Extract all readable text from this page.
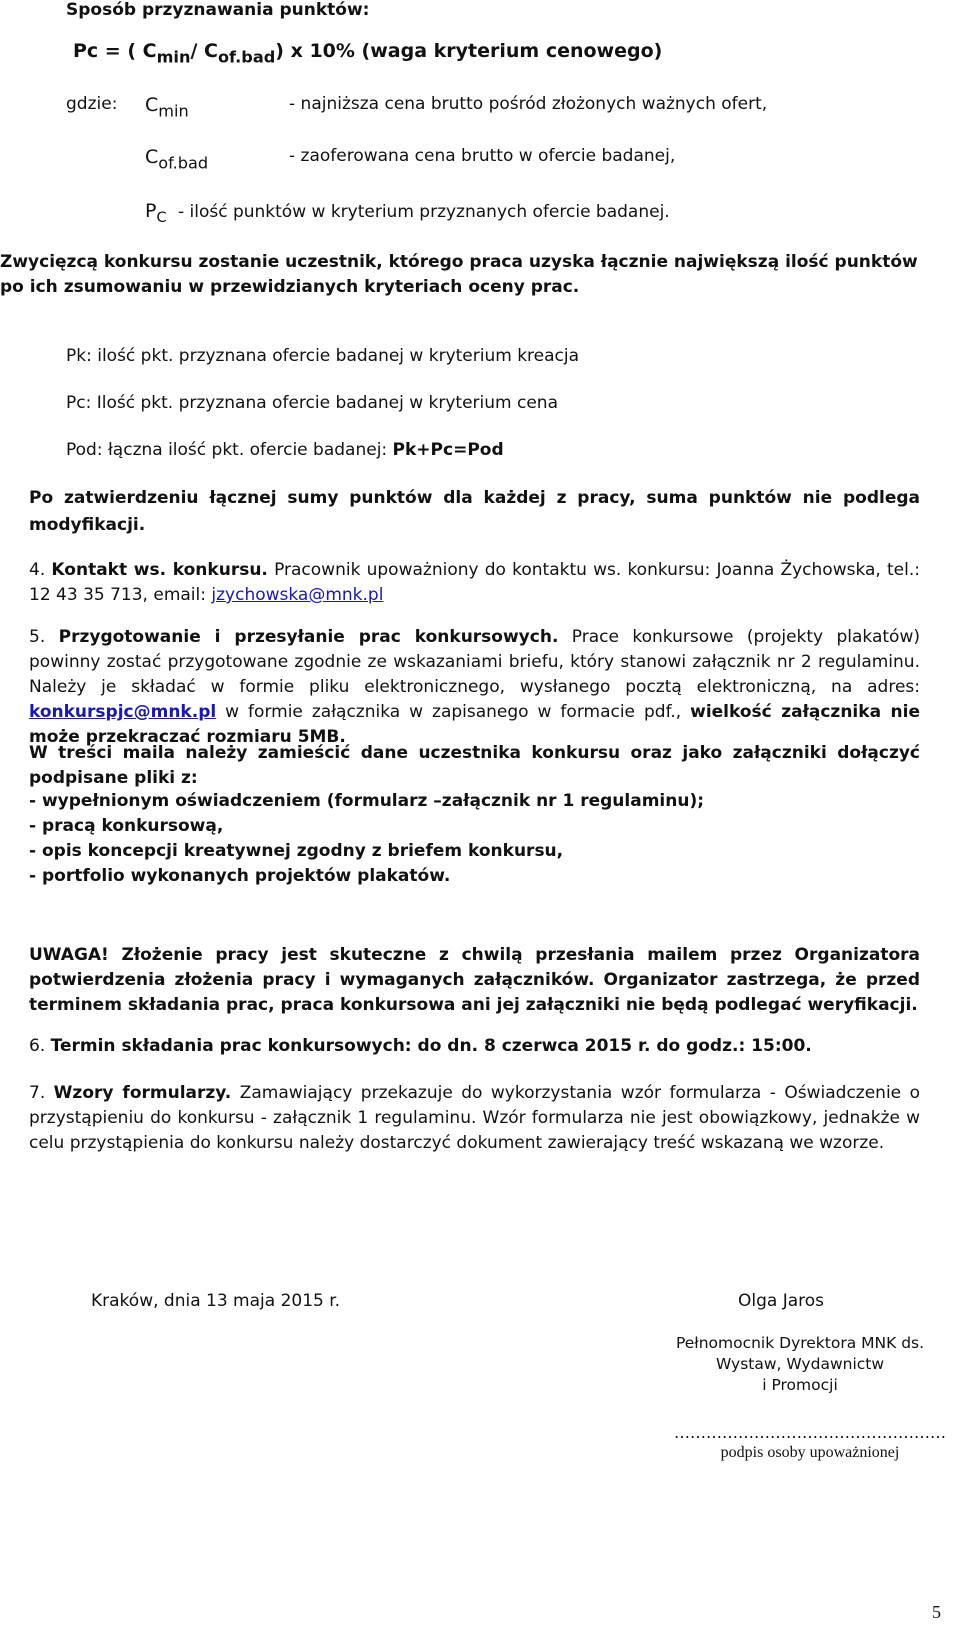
Sposób przyznawania punktów:
Pc = ( $C_{min}/$ $C_{of.bad}$) x 10% (waga kryterium cenowego)
gdzie: $C_{min}$	- najniższa cena brutto pośród złożonych ważnych ofert,
$C_{of.bad}$	- zaoferowana cena brutto w ofercie badanej,
$P_C$ - ilość punktów w kryterium przyznanych ofercie badanej.
Zwycięzcą konkursu zostanie uczestnik, którego praca uzyska łącznie największą ilość punktów
po ich zsumowaniu w przewidzianych kryteriach oceny prac.
Pk: ilość pkt. przyznana ofercie badanej w kryterium kreacja
Pc: Ilość pkt. przyznana ofercie badanej w kryterium cena
Pod: łączna ilość pkt. ofercie badanej: Pk+Pc=Pod
Po zatwierdzeniu łącznej sumy punktów dla każdej z pracy, suma punktów nie podlega modyfikacji.
4. Kontakt ws. konkursu. Pracownik upoważniony do kontaktu ws. konkursu: Joanna Żychowska, tel.: 12 43 35 713, email: jzychowska@mnk.pl
5. Przygotowanie i przesyłanie prac konkursowych. Prace konkursowe (projekty plakatów) powinny zostać przygotowane zgodnie ze wskazaniami briefu, który stanowi załącznik nr 2 regulaminu. Należy je składać w formie pliku elektronicznego, wysłanego pocztą elektroniczną, na adres: konkurspjc@mnk.pl w formie załącznika w zapisanego w formacie pdf., wielkość załącznika nie może przekraczać rozmiaru 5MB.
W treści maila należy zamieścić dane uczestnika konkursu oraz jako załączniki dołączyć podpisane pliki z:
- wypełnionym oświadczeniem (formularz –załącznik nr 1 regulaminu);
- pracą konkursową,
- opis koncepcji kreatywnej zgodny z briefem konkursu,
- portfolio wykonanych projektów plakatów.
UWAGA! Złożenie pracy jest skuteczne z chwilą przesłania mailem przez Organizatora potwierdzenia złożenia pracy i wymaganych załączników. Organizator zastrzega, że przed terminem składania prac, praca konkursowa ani jej załączniki nie będą podlegać weryfikacji.
6. Termin składania prac konkursowych: do dn. 8 czerwca 2015 r. do godz.: 15:00.
7. Wzory formularzy. Zamawiający przekazuje do wykorzystania wzór formularza - Oświadczenie o przystąpieniu do konkursu - załącznik 1 regulaminu. Wzór formularza nie jest obowiązkowy, jednakże w celu przystąpienia do konkursu należy dostarczyć dokument zawierający treść wskazaną we wzorze.
Kraków, dnia 13 maja 2015 r.	Olga Jaros
Pełnomocnik Dyrektora MNK ds.
Wystaw, Wydawnictw
i Promocji
……………………………………………
podpis osoby upoważnionej
5
